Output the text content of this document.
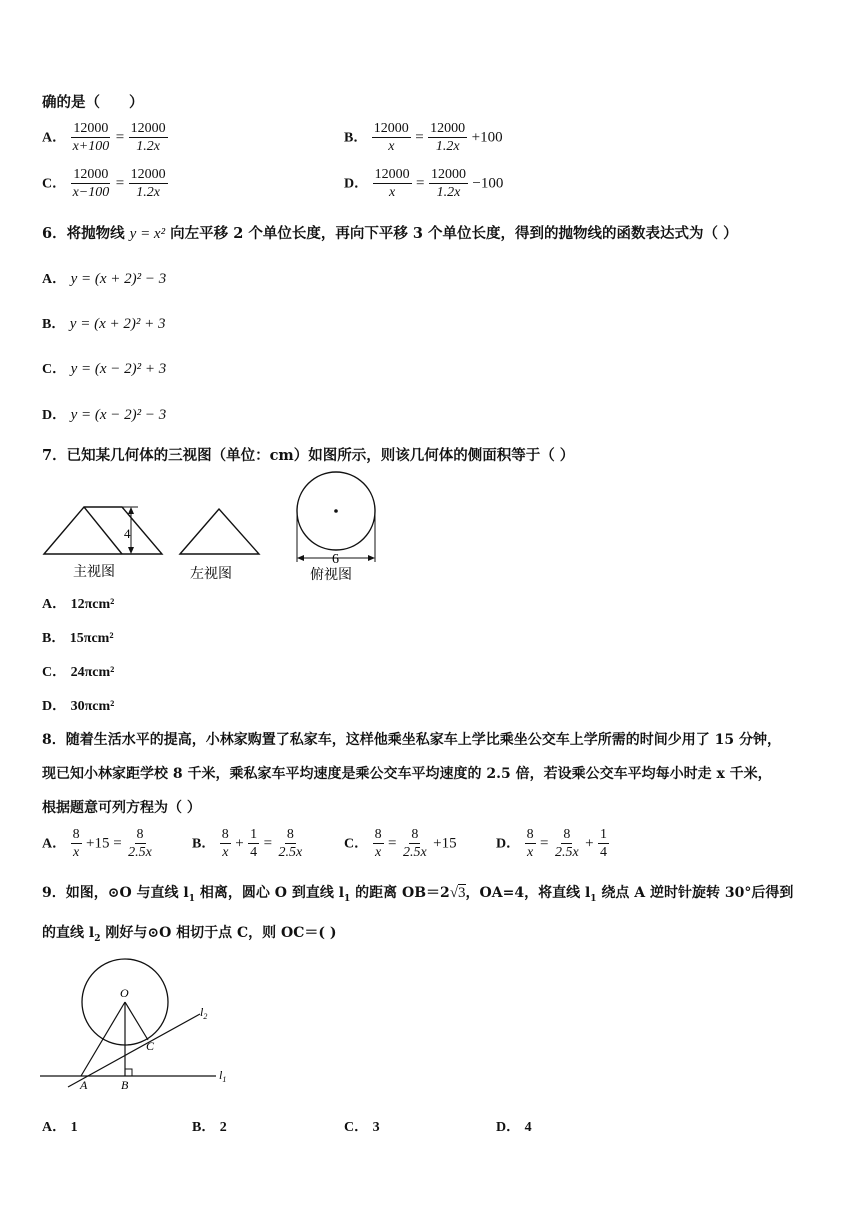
确的是（　　）
A． $\frac{12000}{x+100} = \frac{12000}{1.2x}$	B． $\frac{12000}{x} = \frac{12000}{1.2x} +100$
C． $\frac{12000}{x-100} = \frac{12000}{1.2x}$	D． $\frac{12000}{x} = \frac{12000}{1.2x} -100$
6．将抛物线 y = x² 向左平移 2 个单位长度，再向下平移 3 个单位长度，得到的抛物线的函数表达式为（ ）
A． y = (x + 2)² − 3
B． y = (x + 2)² + 3
C． y = (x − 2)² + 3
D． y = (x − 2)² − 3
7．已知某几何体的三视图（单位：cm）如图所示，则该几何体的侧面积等于（ ）
4
主视图	左视图
6
俯视图
A． 12πcm²
B． 15πcm²
C． 24πcm²
D． 30πcm²
8．随着生活水平的提高，小林家购置了私家车，这样他乘坐私家车上学比乘坐公交车上学所需的时间少用了 15 分钟，
现已知小林家距学校 8 千米，乘私家车平均速度是乘公交车平均速度的 2.5 倍，若设乘公交车平均每小时走 x 千米，
根据题意可列方程为（ ）
A． $\frac{8}{x} +15 = \frac{8}{2.5x}$	B． $\frac{8}{x} + \frac{1}{4} = \frac{8}{2.5x}$	C． $\frac{8}{x} = \frac{8}{2.5x} +15$	D． $\frac{8}{x} = \frac{8}{2.5x} + \frac{1}{4}$
9．如图，⊙O 与直线 $l_1$ 相离，圆心 O 到直线 $l_1$ 的距离 OB＝2√3，OA=4，将直线 $l_1$ 绕点 A 逆时针旋转 30°后得到
的直线 $l_2$ 刚好与⊙O 相切于点 C，则 OC＝( )
O
C
A	B
$l_2$
$l_1$
A． 1	B． 2	C． 3	D． 4
